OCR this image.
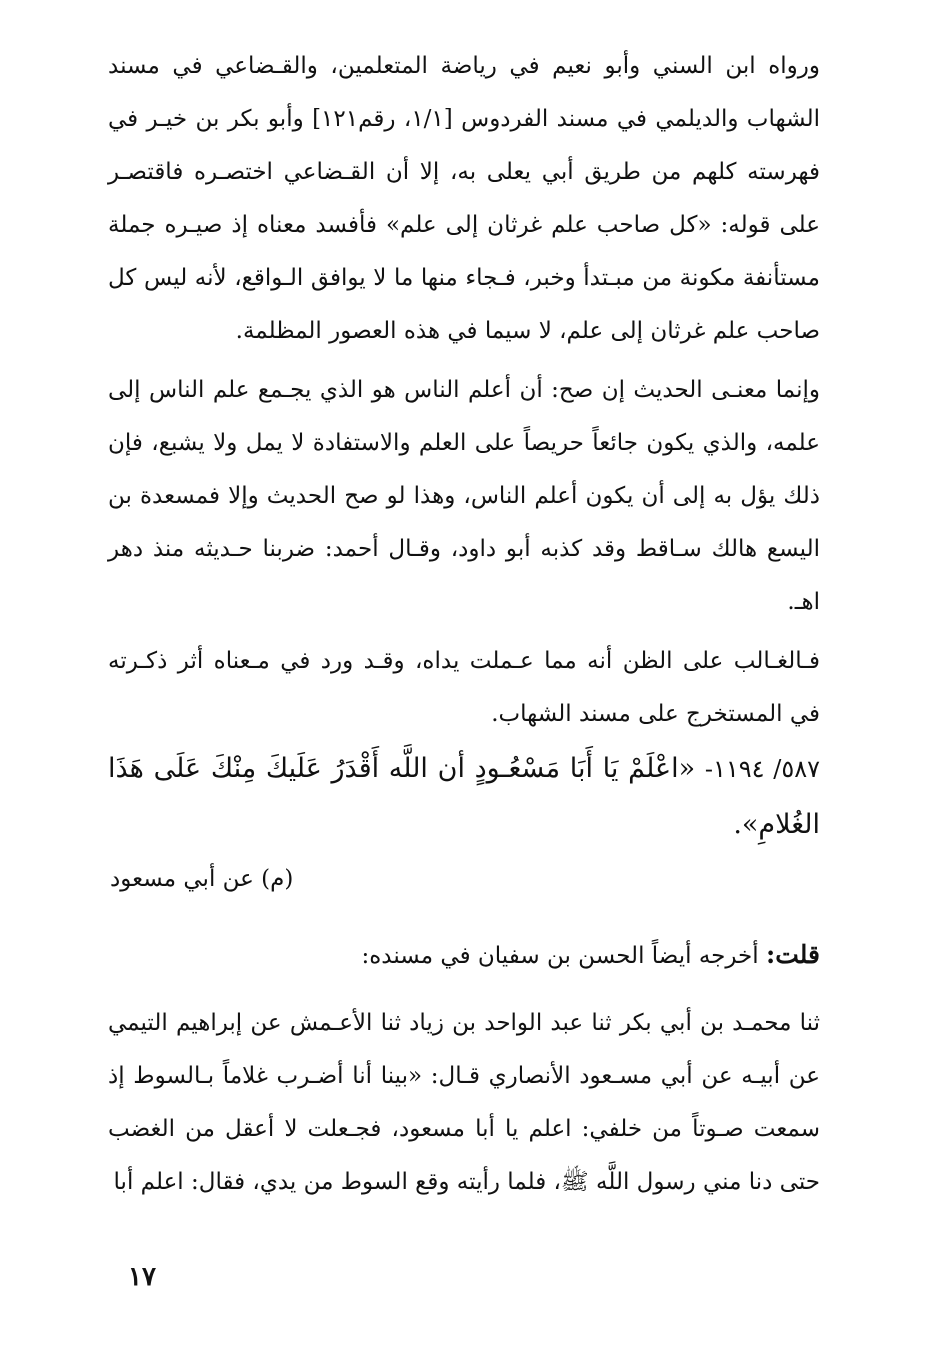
ورواه ابن السني وأبو نعيم في رياضة المتعلمين، والقـضاعي في مسند الشهاب والديلمي في مسند الفردوس [١/١، رقم١٢١] وأبو بكر بن خيـر في فهرسته كلهم من طريق أبي يعلى به، إلا أن القـضاعي اختصـره فاقتصـر على قوله: «كل صاحب علم غرثان إلى علم» فأفسد معناه إذ صيـره جملة مستأنفة مكونة من مبـتدأ وخبر، فـجاء منها ما لا يوافق الـواقع، لأنه ليس كل صاحب علم غرثان إلى علم، لا سيما في هذه العصور المظلمة.

وإنما معنـى الحديث إن صح: أن أعلم الناس هو الذي يجـمع علم الناس إلى علمه، والذي يكون جائعاً حريصاً على العلم والاستفادة لا يمل ولا يشبع، فإن ذلك يؤل به إلى أن يكون أعلم الناس، وهذا لو صح الحديث وإلا فمسعدة بن اليسع هالك سـاقط وقد كذبه أبو داود، وقـال أحمد: ضربنا حـديثه منذ دهر اهـ.

فـالغـالب على الظن أنه مما عـملت يداه، وقـد ورد في مـعناه أثر ذكـرته في المستخرج على مسند الشهاب.

٥٨٧/ ١١٩٤- «اعْلَمْ يَا أَبَا مَسْعُـودٍ أن اللَّه أَقْدَرُ عَلَيكَ مِنْكَ عَلَى هَذَا الغُلامِ».

(م) عن أبي مسعود

قلت: أخرجه أيضاً الحسن بن سفيان في مسنده:

ثنا محمـد بن أبي بكر ثنا عبد الواحد بن زياد ثنا الأعـمش عن إبراهيم التيمي عن أبيـه عن أبي مسـعود الأنصاري قـال: «بينا أنا أضـرب غلاماً بـالسوط إذ سمعت صـوتاً من خلفي: اعلم يا أبا مسعود، فجـعلت لا أعقل من الغضب حتى دنا مني رسول اللَّه ﷺ، فلما رأيته وقع السوط من يدي، فقال: اعلم أبا

١٧
